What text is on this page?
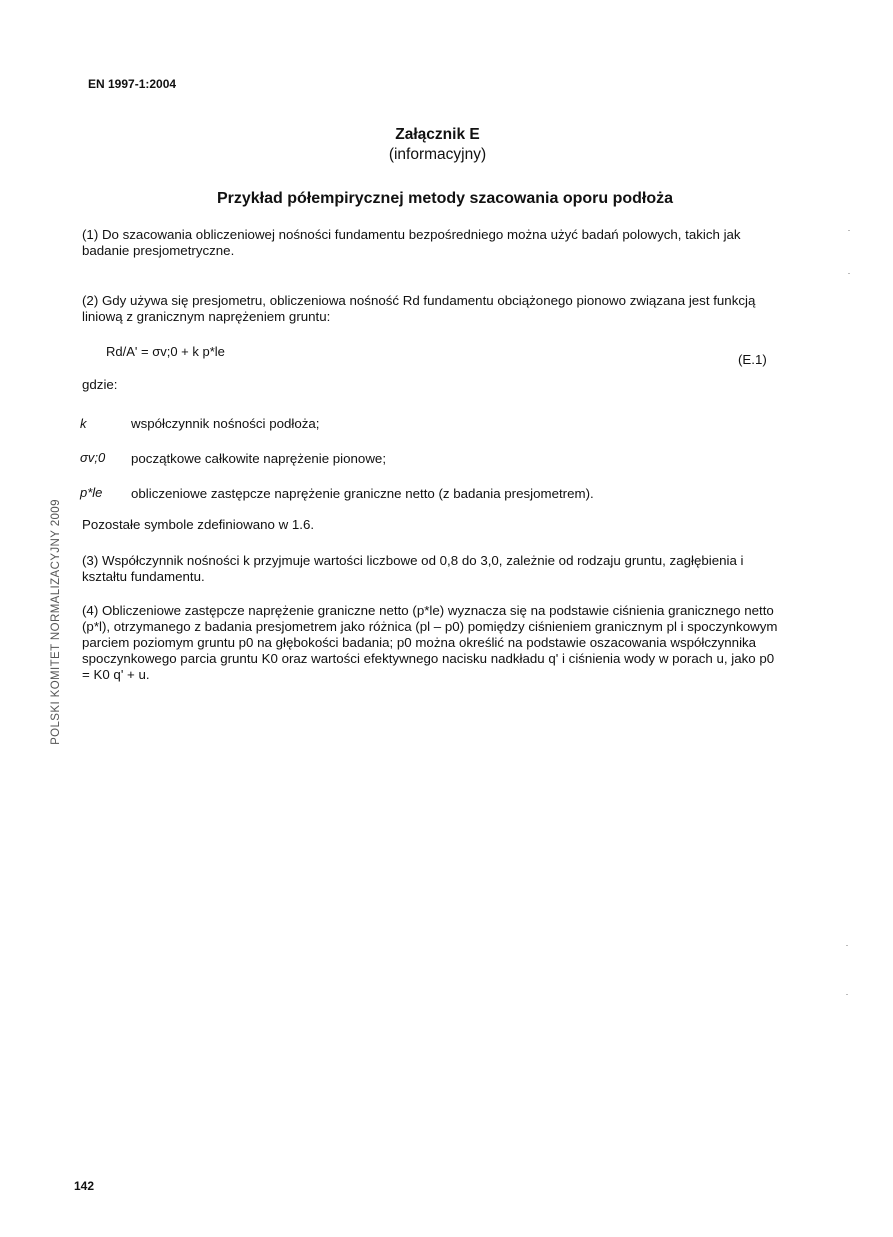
EN 1997-1:2004
Załącznik E
(informacyjny)
Przykład półempirycznej metody szacowania oporu podłoża
(1) Do szacowania obliczeniowej nośności fundamentu bezpośredniego można użyć badań polowych, takich jak badanie presjometryczne.
(2) Gdy używa się presjometru, obliczeniowa nośność Rd fundamentu obciążonego pionowo związana jest funkcją liniową z granicznym naprężeniem gruntu:
Rd/A' = σv;0 + k p*le
(E.1)
gdzie:
k	współczynnik nośności podłoża;
σv;0 początkowe całkowite naprężenie pionowe;
p*le obliczeniowe zastępcze naprężenie graniczne netto (z badania presjometrem).
Pozostałe symbole zdefiniowano w 1.6.
(3) Współczynnik nośności k przyjmuje wartości liczbowe od 0,8 do 3,0, zależnie od rodzaju gruntu, zagłębienia i kształtu fundamentu.
(4) Obliczeniowe zastępcze naprężenie graniczne netto (p*le) wyznacza się na podstawie ciśnienia granicznego netto (p*l), otrzymanego z badania presjometrem jako różnica (pl – p0) pomiędzy ciśnieniem granicznym pl i spoczynkowym parciem poziomym gruntu p0 na głębokości badania; p0 można określić na podstawie oszacowania współczynnika spoczynkowego parcia gruntu K0 oraz wartości efektywnego nacisku nadkładu q' i ciśnienia wody w porach u, jako p0 = K0 q' + u.
POLSKI KOMITET NORMALIZACYJNY 2009
142
